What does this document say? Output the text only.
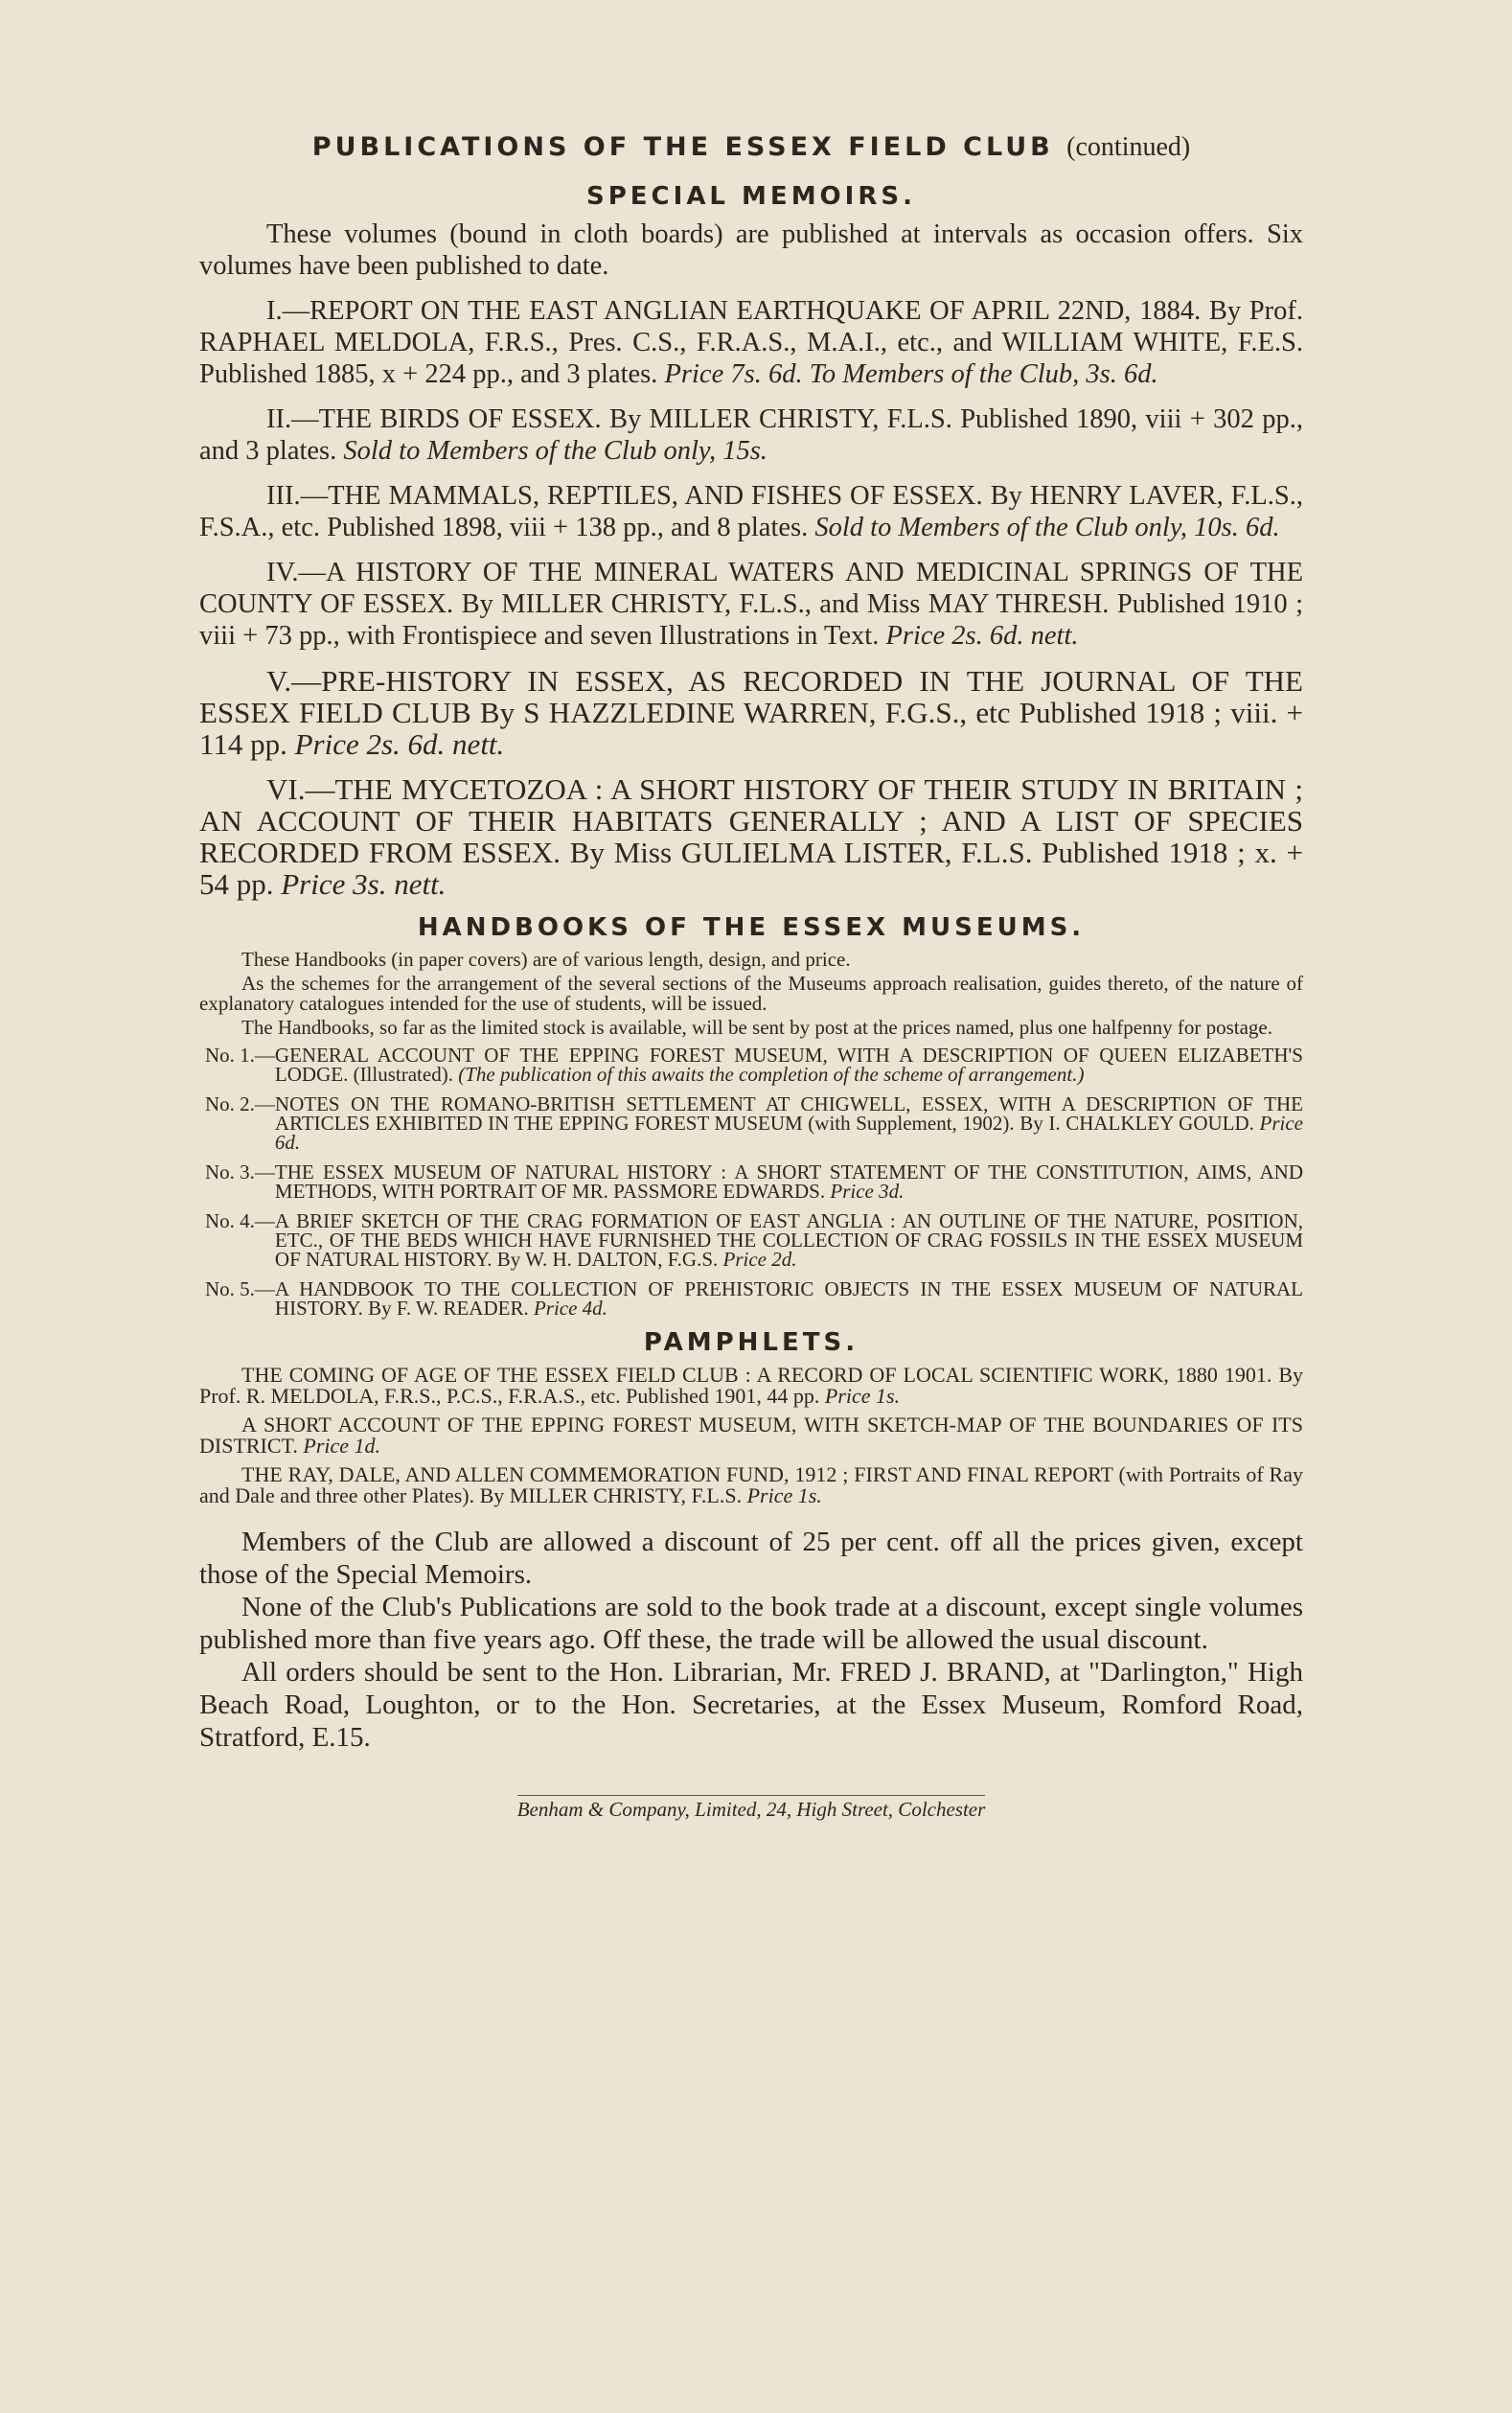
PUBLICATIONS OF THE ESSEX FIELD CLUB (continued)
SPECIAL MEMOIRS.

These volumes (bound in cloth boards) are published at intervals as occasion offers. Six volumes have been published to date.

I.—REPORT ON THE EAST ANGLIAN EARTHQUAKE OF APRIL 22ND, 1884. By Prof. RAPHAEL MELDOLA, F.R.S., Pres. C.S., F.R.A.S., M.A.I., etc., and WILLIAM WHITE, F.E.S. Published 1885, x + 224 pp., and 3 plates. Price 7s. 6d. To Members of the Club, 3s. 6d.

II.—THE BIRDS OF ESSEX. By MILLER CHRISTY, F.L.S. Published 1890, viii + 302 pp., and 3 plates. Sold to Members of the Club only, 15s.

III.—THE MAMMALS, REPTILES, AND FISHES OF ESSEX. By HENRY LAVER, F.L.S., F.S.A., etc. Published 1898, viii + 138 pp., and 8 plates. Sold to Members of the Club only, 10s. 6d.

IV.—A HISTORY OF THE MINERAL WATERS AND MEDICINAL SPRINGS OF THE COUNTY OF ESSEX. By MILLER CHRISTY, F.L.S., and Miss MAY THRESH. Published 1910 ; viii + 73 pp., with Frontispiece and seven Illustrations in Text. Price 2s. 6d. nett.

V.—PRE-HISTORY IN ESSEX, AS RECORDED IN THE JOURNAL OF THE ESSEX FIELD CLUB By S HAZZLEDINE WARREN, F.G.S., etc Published 1918 ; viii. + 114 pp. Price 2s. 6d. nett.

VI.—THE MYCETOZOA : A SHORT HISTORY OF THEIR STUDY IN BRITAIN ; AN ACCOUNT OF THEIR HABITATS GENERALLY ; AND A LIST OF SPECIES RECORDED FROM ESSEX. By Miss GULIELMA LISTER, F.L.S. Published 1918 ; x. + 54 pp. Price 3s. nett.

HANDBOOKS OF THE ESSEX MUSEUMS.

These Handbooks (in paper covers) are of various length, design, and price.

As the schemes for the arrangement of the several sections of the Museums approach realisation, guides thereto, of the nature of explanatory catalogues intended for the use of students, will be issued.

The Handbooks, so far as the limited stock is available, will be sent by post at the prices named, plus one halfpenny for postage.

No. 1.— GENERAL ACCOUNT OF THE EPPING FOREST MUSEUM, WITH A DESCRIPTION OF QUEEN ELIZABETH'S LODGE. (Illustrated). (The publication of this awaits the completion of the scheme of arrangement.)
No. 2.— NOTES ON THE ROMANO-BRITISH SETTLEMENT AT CHIGWELL, ESSEX, WITH A DESCRIPTION OF THE ARTICLES EXHIBITED IN THE EPPING FOREST MUSEUM (with Supplement, 1902). By I. CHALKLEY GOULD. Price 6d.
No. 3.— THE ESSEX MUSEUM OF NATURAL HISTORY : A SHORT STATEMENT OF THE CONSTITUTION, AIMS, AND METHODS, WITH PORTRAIT OF MR. PASSMORE EDWARDS. Price 3d.
No. 4.— A BRIEF SKETCH OF THE CRAG FORMATION OF EAST ANGLIA : AN OUTLINE OF THE NATURE, POSITION, ETC., OF THE BEDS WHICH HAVE FURNISHED THE COLLECTION OF CRAG FOSSILS IN THE ESSEX MUSEUM OF NATURAL HISTORY. By W. H. DALTON, F.G.S. Price 2d.
No. 5.— A HANDBOOK TO THE COLLECTION OF PREHISTORIC OBJECTS IN THE ESSEX MUSEUM OF NATURAL HISTORY. By F. W. READER. Price 4d.
PAMPHLETS.

THE COMING OF AGE OF THE ESSEX FIELD CLUB : A RECORD OF LOCAL SCIENTIFIC WORK, 1880 1901. By Prof. R. MELDOLA, F.R.S., P.C.S., F.R.A.S., etc. Published 1901, 44 pp. Price 1s.

A SHORT ACCOUNT OF THE EPPING FOREST MUSEUM, WITH SKETCH-MAP OF THE BOUNDARIES OF ITS DISTRICT. Price 1d.

THE RAY, DALE, AND ALLEN COMMEMORATION FUND, 1912 ; FIRST AND FINAL REPORT (with Portraits of Ray and Dale and three other Plates). By MILLER CHRISTY, F.L.S. Price 1s.

Members of the Club are allowed a discount of 25 per cent. off all the prices given, except those of the Special Memoirs.

None of the Club's Publications are sold to the book trade at a discount, except single volumes published more than five years ago. Off these, the trade will be allowed the usual discount.

All orders should be sent to the Hon. Librarian, Mr. FRED J. BRAND, at "Darlington," High Beach Road, Loughton, or to the Hon. Secretaries, at the Essex Museum, Romford Road, Stratford, E.15.

Benham & Company, Limited, 24, High Street, Colchester
